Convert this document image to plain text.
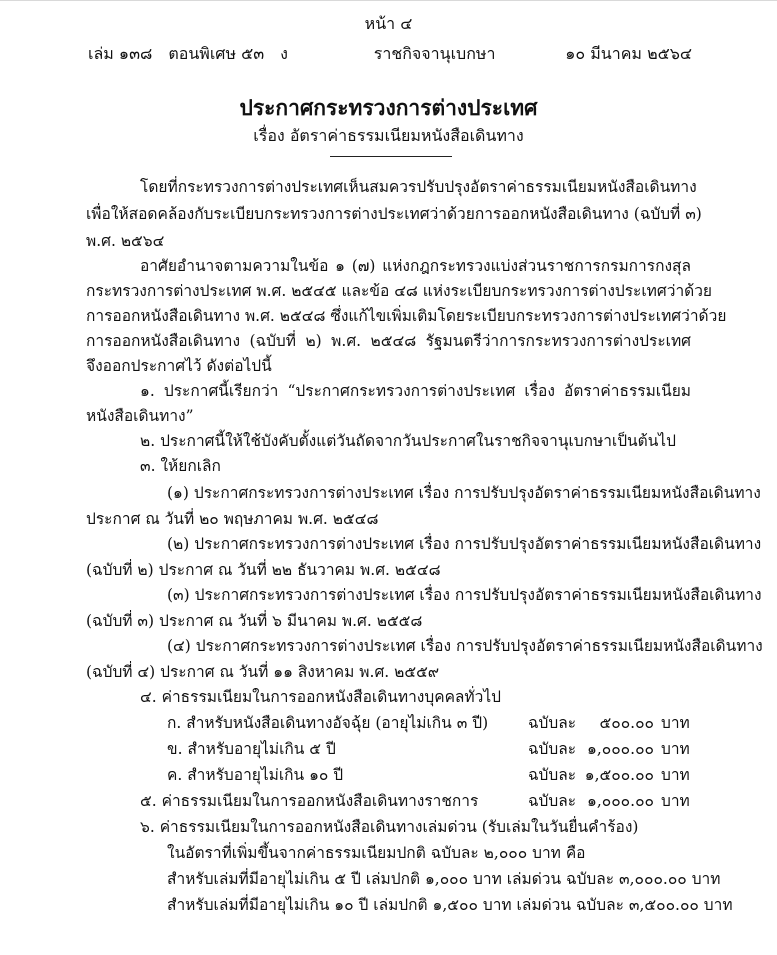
หน้า ๔
เล่ม ๑๓๘ ตอนพิเศษ ๕๓ ง	ราชกิจจานุเบกษา	๑๐ มีนาคม ๒๕๖๔
ประกาศกระทรวงการต่างประเทศ
เรื่อง อัตราค่าธรรมเนียมหนังสือเดินทาง
โดยที่กระทรวงการต่างประเทศเห็นสมควรปรับปรุงอัตราค่าธรรมเนียมหนังสือเดินทาง
เพื่อให้สอดคล้องกับระเบียบกระทรวงการต่างประเทศว่าด้วยการออกหนังสือเดินทาง (ฉบับที่ ๓)
พ.ศ. ๒๕๖๔
อาศัยอำนาจตามความในข้อ ๑ (๗) แห่งกฎกระทรวงแบ่งส่วนราชการกรมการกงสุล
กระทรวงการต่างประเทศ พ.ศ. ๒๕๔๕ และข้อ ๔๘ แห่งระเบียบกระทรวงการต่างประเทศว่าด้วย
การออกหนังสือเดินทาง พ.ศ. ๒๕๔๘ ซึ่งแก้ไขเพิ่มเติมโดยระเบียบกระทรวงการต่างประเทศว่าด้วย
การออกหนังสือเดินทาง (ฉบับที่ ๒) พ.ศ. ๒๕๔๘ รัฐมนตรีว่าการกระทรวงการต่างประเทศ
จึงออกประกาศไว้ ดังต่อไปนี้
๑. ประกาศนี้เรียกว่า “ประกาศกระทรวงการต่างประเทศ เรื่อง อัตราค่าธรรมเนียม
หนังสือเดินทาง”
๒. ประกาศนี้ให้ใช้บังคับตั้งแต่วันถัดจากวันประกาศในราชกิจจานุเบกษาเป็นต้นไป
๓. ให้ยกเลิก
(๑) ประกาศกระทรวงการต่างประเทศ เรื่อง การปรับปรุงอัตราค่าธรรมเนียมหนังสือเดินทาง
ประกาศ ณ วันที่ ๒๐ พฤษภาคม พ.ศ. ๒๕๔๘
(๒) ประกาศกระทรวงการต่างประเทศ เรื่อง การปรับปรุงอัตราค่าธรรมเนียมหนังสือเดินทาง
(ฉบับที่ ๒) ประกาศ ณ วันที่ ๒๒ ธันวาคม พ.ศ. ๒๕๔๘
(๓) ประกาศกระทรวงการต่างประเทศ เรื่อง การปรับปรุงอัตราค่าธรรมเนียมหนังสือเดินทาง
(ฉบับที่ ๓) ประกาศ ณ วันที่ ๖ มีนาคม พ.ศ. ๒๕๕๘
(๔) ประกาศกระทรวงการต่างประเทศ เรื่อง การปรับปรุงอัตราค่าธรรมเนียมหนังสือเดินทาง
(ฉบับที่ ๔) ประกาศ ณ วันที่ ๑๑ สิงหาคม พ.ศ. ๒๕๕๙
๔. ค่าธรรมเนียมในการออกหนังสือเดินทางบุคคลทั่วไป
ก. สำหรับหนังสือเดินทางอัจฉุ้ย (อายุไม่เกิน ๓ ปี)	ฉบับละ	๕๐๐.๐๐ บาท
ข. สำหรับอายุไม่เกิน ๕ ปี	ฉบับละ ๑,๐๐๐.๐๐ บาท
ค. สำหรับอายุไม่เกิน ๑๐ ปี	ฉบับละ ๑,๕๐๐.๐๐ บาท
๕. ค่าธรรมเนียมในการออกหนังสือเดินทางราชการ	ฉบับละ ๑,๐๐๐.๐๐ บาท
๖. ค่าธรรมเนียมในการออกหนังสือเดินทางเล่มด่วน (รับเล่มในวันยื่นคำร้อง)
ในอัตราที่เพิ่มขึ้นจากค่าธรรมเนียมปกติ ฉบับละ ๒,๐๐๐ บาท คือ
สำหรับเล่มที่มีอายุไม่เกิน ๕ ปี เล่มปกติ ๑,๐๐๐ บาท เล่มด่วน ฉบับละ ๓,๐๐๐.๐๐ บาท
สำหรับเล่มที่มีอายุไม่เกิน ๑๐ ปี เล่มปกติ ๑,๕๐๐ บาท เล่มด่วน ฉบับละ ๓,๕๐๐.๐๐ บาท
